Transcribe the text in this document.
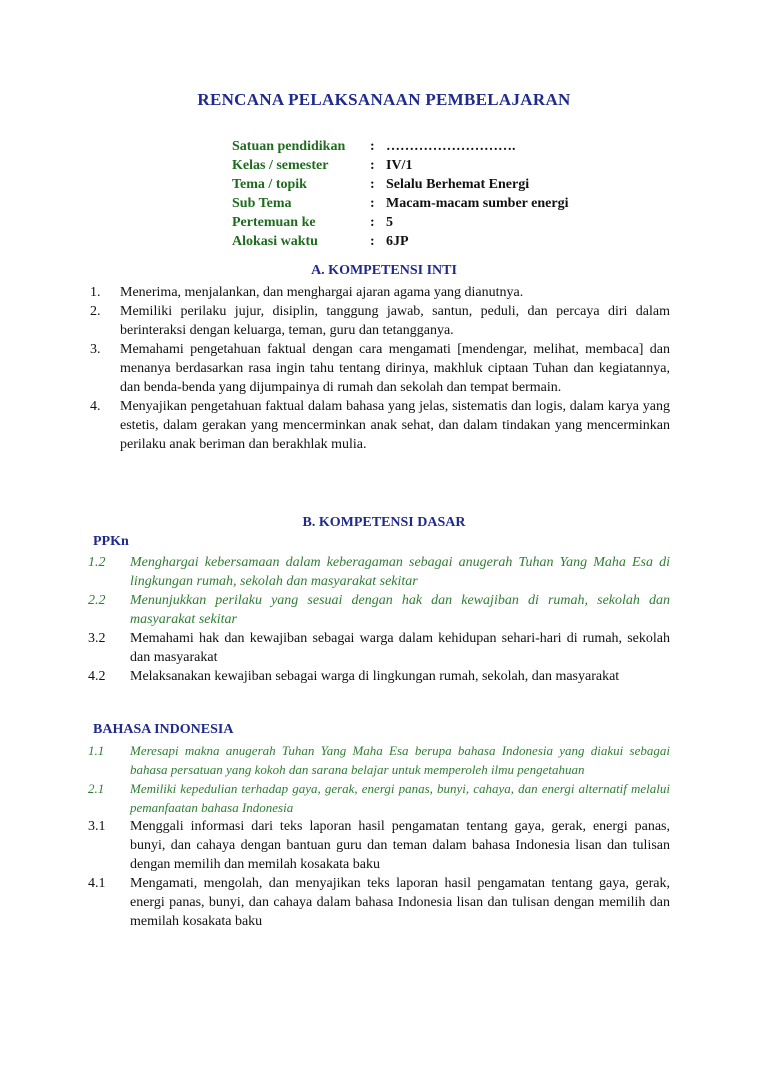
RENCANA PELAKSANAAN PEMBELAJARAN
Satuan pendidikan : ……………………….
Kelas / semester	: IV/1
Tema / topik	: Selalu Berhemat Energi
Sub Tema	: Macam-macam sumber energi
Pertemuan ke	: 5
Alokasi waktu	: 6JP
A. KOMPETENSI INTI
1. Menerima, menjalankan, dan menghargai ajaran agama yang dianutnya.
2. Memiliki perilaku jujur, disiplin, tanggung jawab, santun, peduli, dan percaya diri dalam berinteraksi dengan keluarga, teman, guru dan tetangganya.
3. Memahami pengetahuan faktual dengan cara mengamati [mendengar, melihat, membaca] dan menanya berdasarkan rasa ingin tahu tentang dirinya, makhluk ciptaan Tuhan dan kegiatannya, dan benda-benda yang dijumpainya di rumah dan sekolah dan tempat bermain.
4. Menyajikan pengetahuan faktual dalam bahasa yang jelas, sistematis dan logis, dalam karya yang estetis, dalam gerakan yang mencerminkan anak sehat, dan dalam tindakan yang mencerminkan perilaku anak beriman dan berakhlak mulia.
B. KOMPETENSI DASAR
PPKn
1.2 Menghargai kebersamaan dalam keberagaman sebagai anugerah Tuhan Yang Maha Esa di lingkungan rumah, sekolah dan masyarakat sekitar
2.2 Menunjukkan perilaku yang sesuai dengan hak dan kewajiban di rumah, sekolah dan masyarakat sekitar
3.2 Memahami hak dan kewajiban sebagai warga dalam kehidupan sehari-hari di rumah, sekolah dan masyarakat
4.2 Melaksanakan kewajiban sebagai warga di lingkungan rumah, sekolah, dan masyarakat
BAHASA INDONESIA
1.1 Meresapi makna anugerah Tuhan Yang Maha Esa berupa bahasa Indonesia yang diakui sebagai bahasa persatuan yang kokoh dan sarana belajar untuk memperoleh ilmu pengetahuan
2.1 Memiliki kepedulian terhadap gaya, gerak, energi panas, bunyi, cahaya, dan energi alternatif melalui pemanfaatan bahasa Indonesia
3.1 Menggali informasi dari teks laporan hasil pengamatan tentang gaya, gerak, energi panas, bunyi, dan cahaya dengan bantuan guru dan teman dalam bahasa Indonesia lisan dan tulisan dengan memilih dan memilah kosakata baku
4.1 Mengamati, mengolah, dan menyajikan teks laporan hasil pengamatan tentang gaya, gerak, energi panas, bunyi, dan cahaya dalam bahasa Indonesia lisan dan tulisan dengan memilih dan memilah kosakata baku
